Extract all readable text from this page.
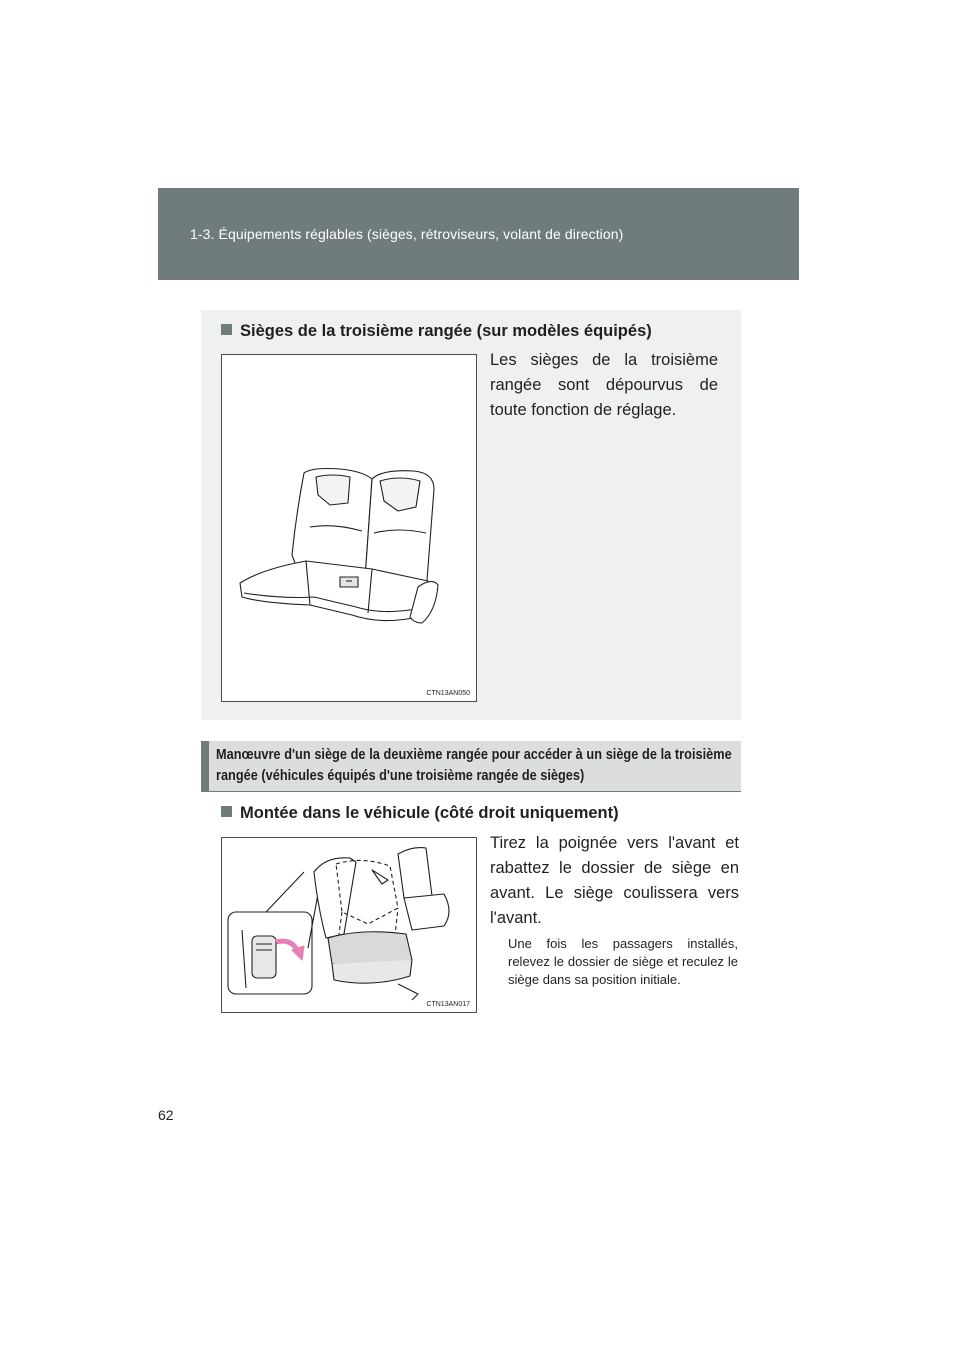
1-3. Équipements réglables (sièges, rétroviseurs, volant de direction)
Sièges de la troisième rangée (sur modèles équipés)
Les sièges de la troisième rangée sont dépourvus de toute fonction de réglage.
CTN13AN050
Manœuvre d'un siège de la deuxième rangée pour accéder à un siège de la troisième rangée (véhicules équipés d'une troisième rangée de sièges)
Montée dans le véhicule (côté droit uniquement)
Tirez la poignée vers l'avant et rabattez le dossier de siège en avant. Le siège coulissera vers l'avant.
Une fois les passagers installés, relevez le dossier de siège et reculez le siège dans sa position initiale.
CTN13AN017
62
